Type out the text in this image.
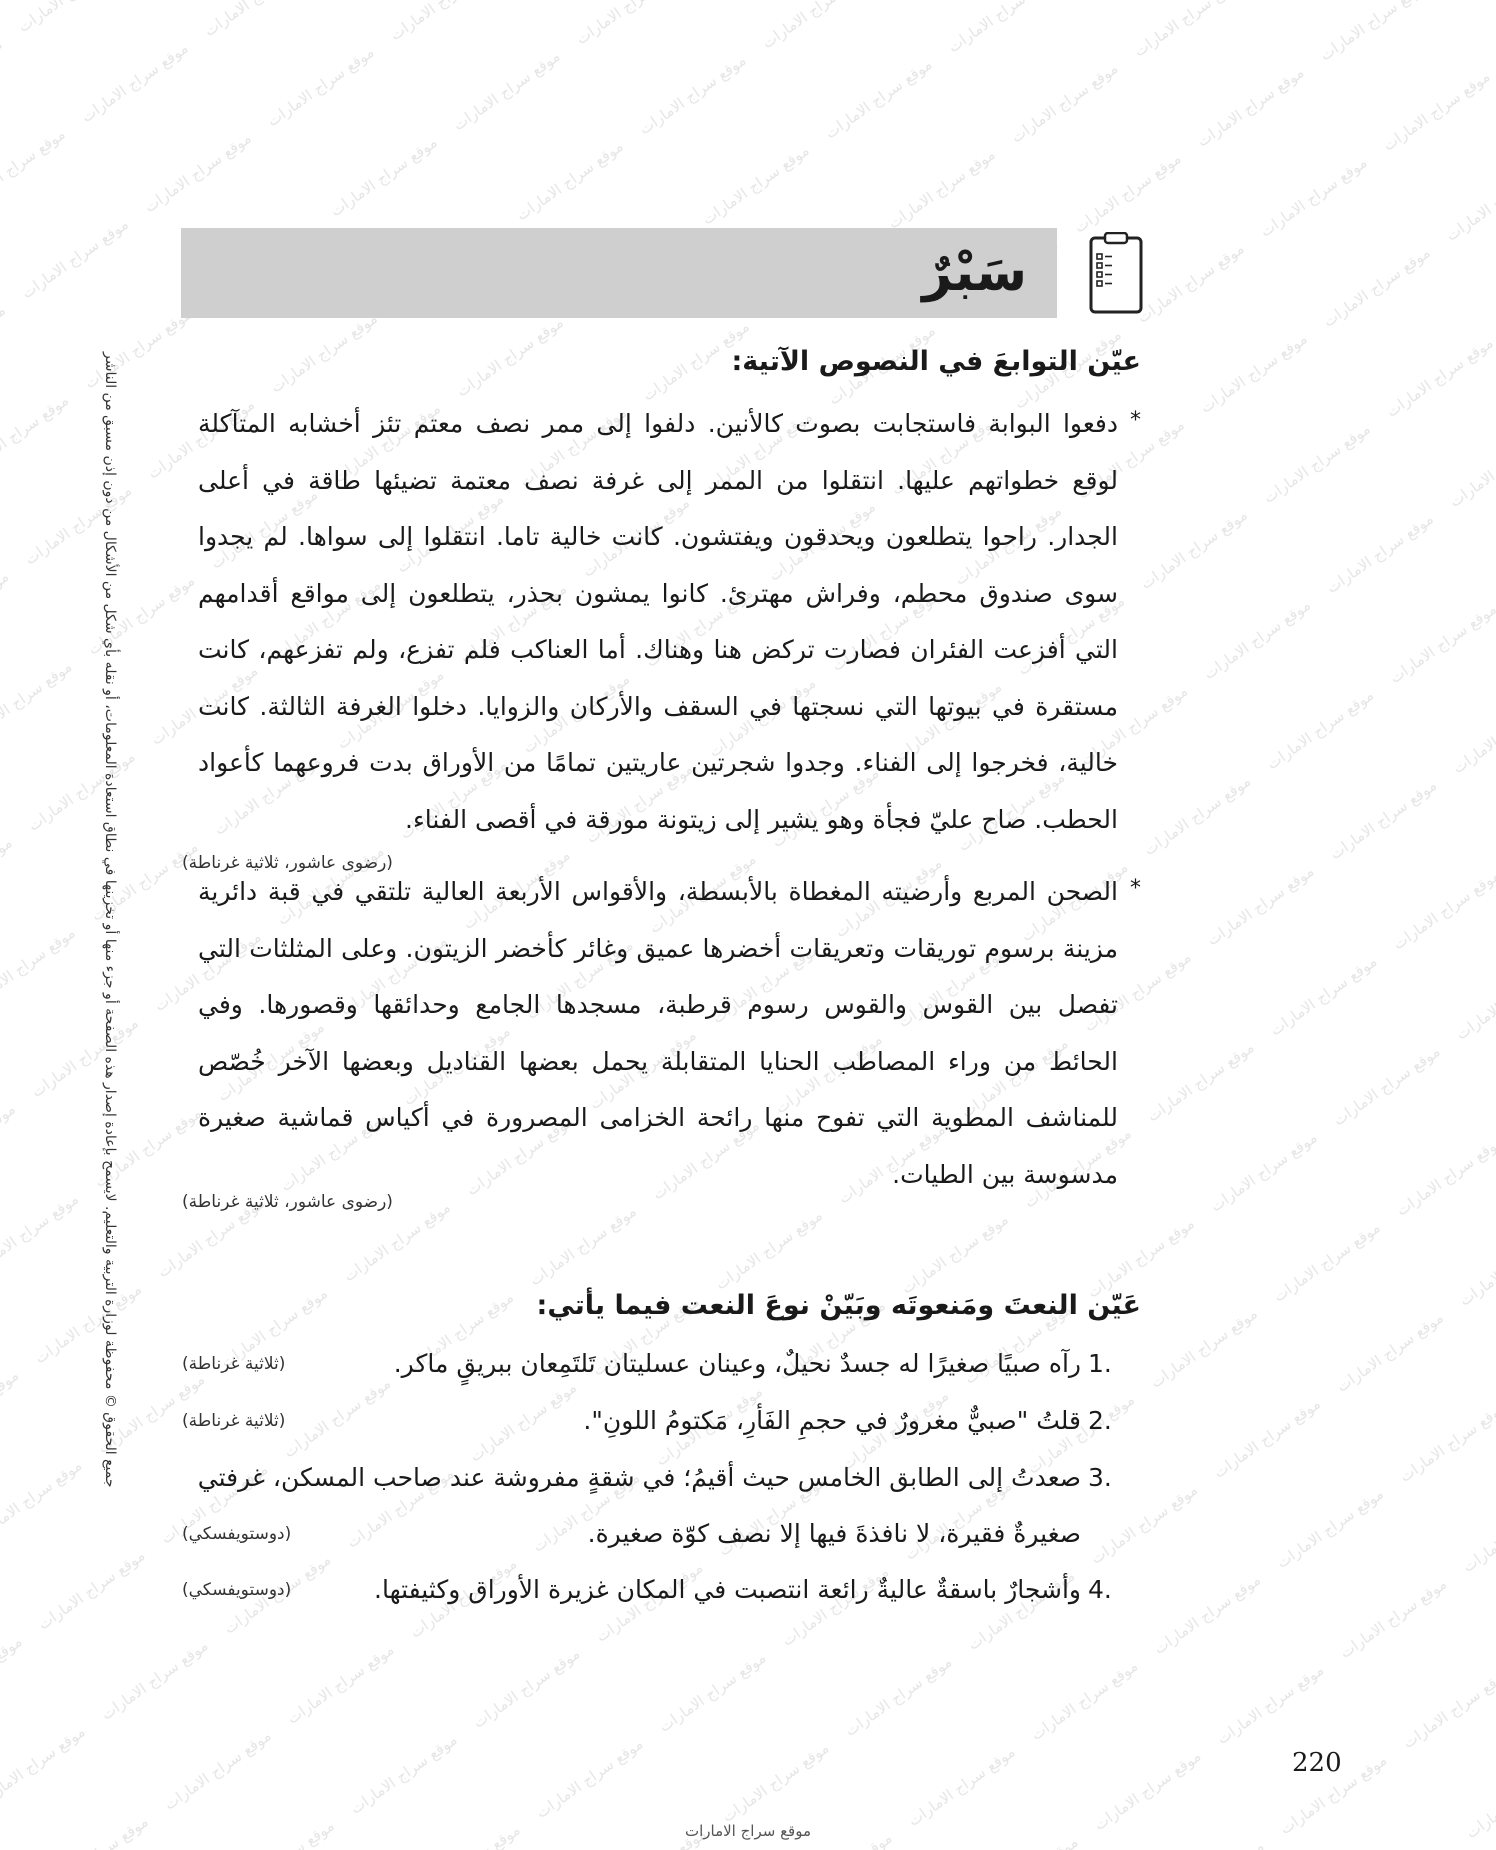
جميع الحقوق © محفوظة لوزارة التربية والتعليم. لايسمح بإعادة إصدار هذه الصفحة أو جزء منها أو تخزينها في نطاق استعادة المعلومات، أو نقله بأي شكل من الأشكال من دون إذن مسبق من الناشر
سَبْرٌ
عيّن التوابعَ في النصوص الآتية:
*
دفعوا البوابة فاستجابت بصوت كالأنين. دلفوا إلى ممر نصف معتم تئز أخشابه المتآكلة لوقع خطواتهم عليها. انتقلوا من الممر إلى غرفة نصف معتمة تضيئها طاقة في أعلى الجدار. راحوا يتطلعون ويحدقون ويفتشون. كانت خالية تاما. انتقلوا إلى سواها. لم يجدوا سوى صندوق محطم، وفراش مهترئ. كانوا يمشون بحذر، يتطلعون إلى مواقع أقدامهم التي أفزعت الفئران فصارت تركض هنا وهناك. أما العناكب فلم تفزع، ولم تفزعهم، كانت مستقرة في بيوتها التي نسجتها في السقف والأركان والزوايا. دخلوا الغرفة الثالثة. كانت خالية، فخرجوا إلى الفناء. وجدوا شجرتين عاريتين تمامًا من الأوراق بدت فروعهما كأعواد الحطب. صاح عليّ فجأة وهو يشير إلى زيتونة مورقة في أقصى الفناء.
(رضوى عاشور، ثلاثية غرناطة)
*
الصحن المربع وأرضيته المغطاة بالأبسطة، والأقواس الأربعة العالية تلتقي في قبة دائرية مزينة برسوم توريقات وتعريقات أخضرها عميق وغائر كأخضر الزيتون. وعلى المثلثات التي تفصل بين القوس والقوس رسوم قرطبة، مسجدها الجامع وحدائقها وقصورها. وفي الحائط من وراء المصاطب الحنايا المتقابلة يحمل بعضها القناديل وبعضها الآخر خُصّص للمناشف المطوية التي تفوح منها رائحة الخزامى المصرورة في أكياس قماشية صغيرة مدسوسة بين الطيات.
(رضوى عاشور، ثلاثية غرناطة)
عَيّن النعتَ ومَنعوتَه وبَيّنْ نوعَ النعت فيما يأتي:
1.
رآه صبيًا صغيرًا له جسدٌ نحيلٌ، وعينان عسليتان تَلتَمِعان ببريقٍ ماكر.
(ثلاثية غرناطة)
2.
قلتُ "صبيٌّ مغرورٌ في حجمِ الفَأرِ، مَكتومُ اللونِ".
(ثلاثية غرناطة)
3.
صعدتُ إلى الطابق الخامس حيث أقيمُ؛ في شقةٍ مفروشة عند صاحب المسكن، غرفتي
صغيرةٌ فقيرة، لا نافذةَ فيها إلا نصف كوّة صغيرة.
(دوستويفسكي)
4.
وأشجارٌ باسقةٌ عاليةٌ رائعة انتصبت في المكان غزيرة الأوراق وكثيفتها.
(دوستويفسكي)
220
موقع سراج الامارات
